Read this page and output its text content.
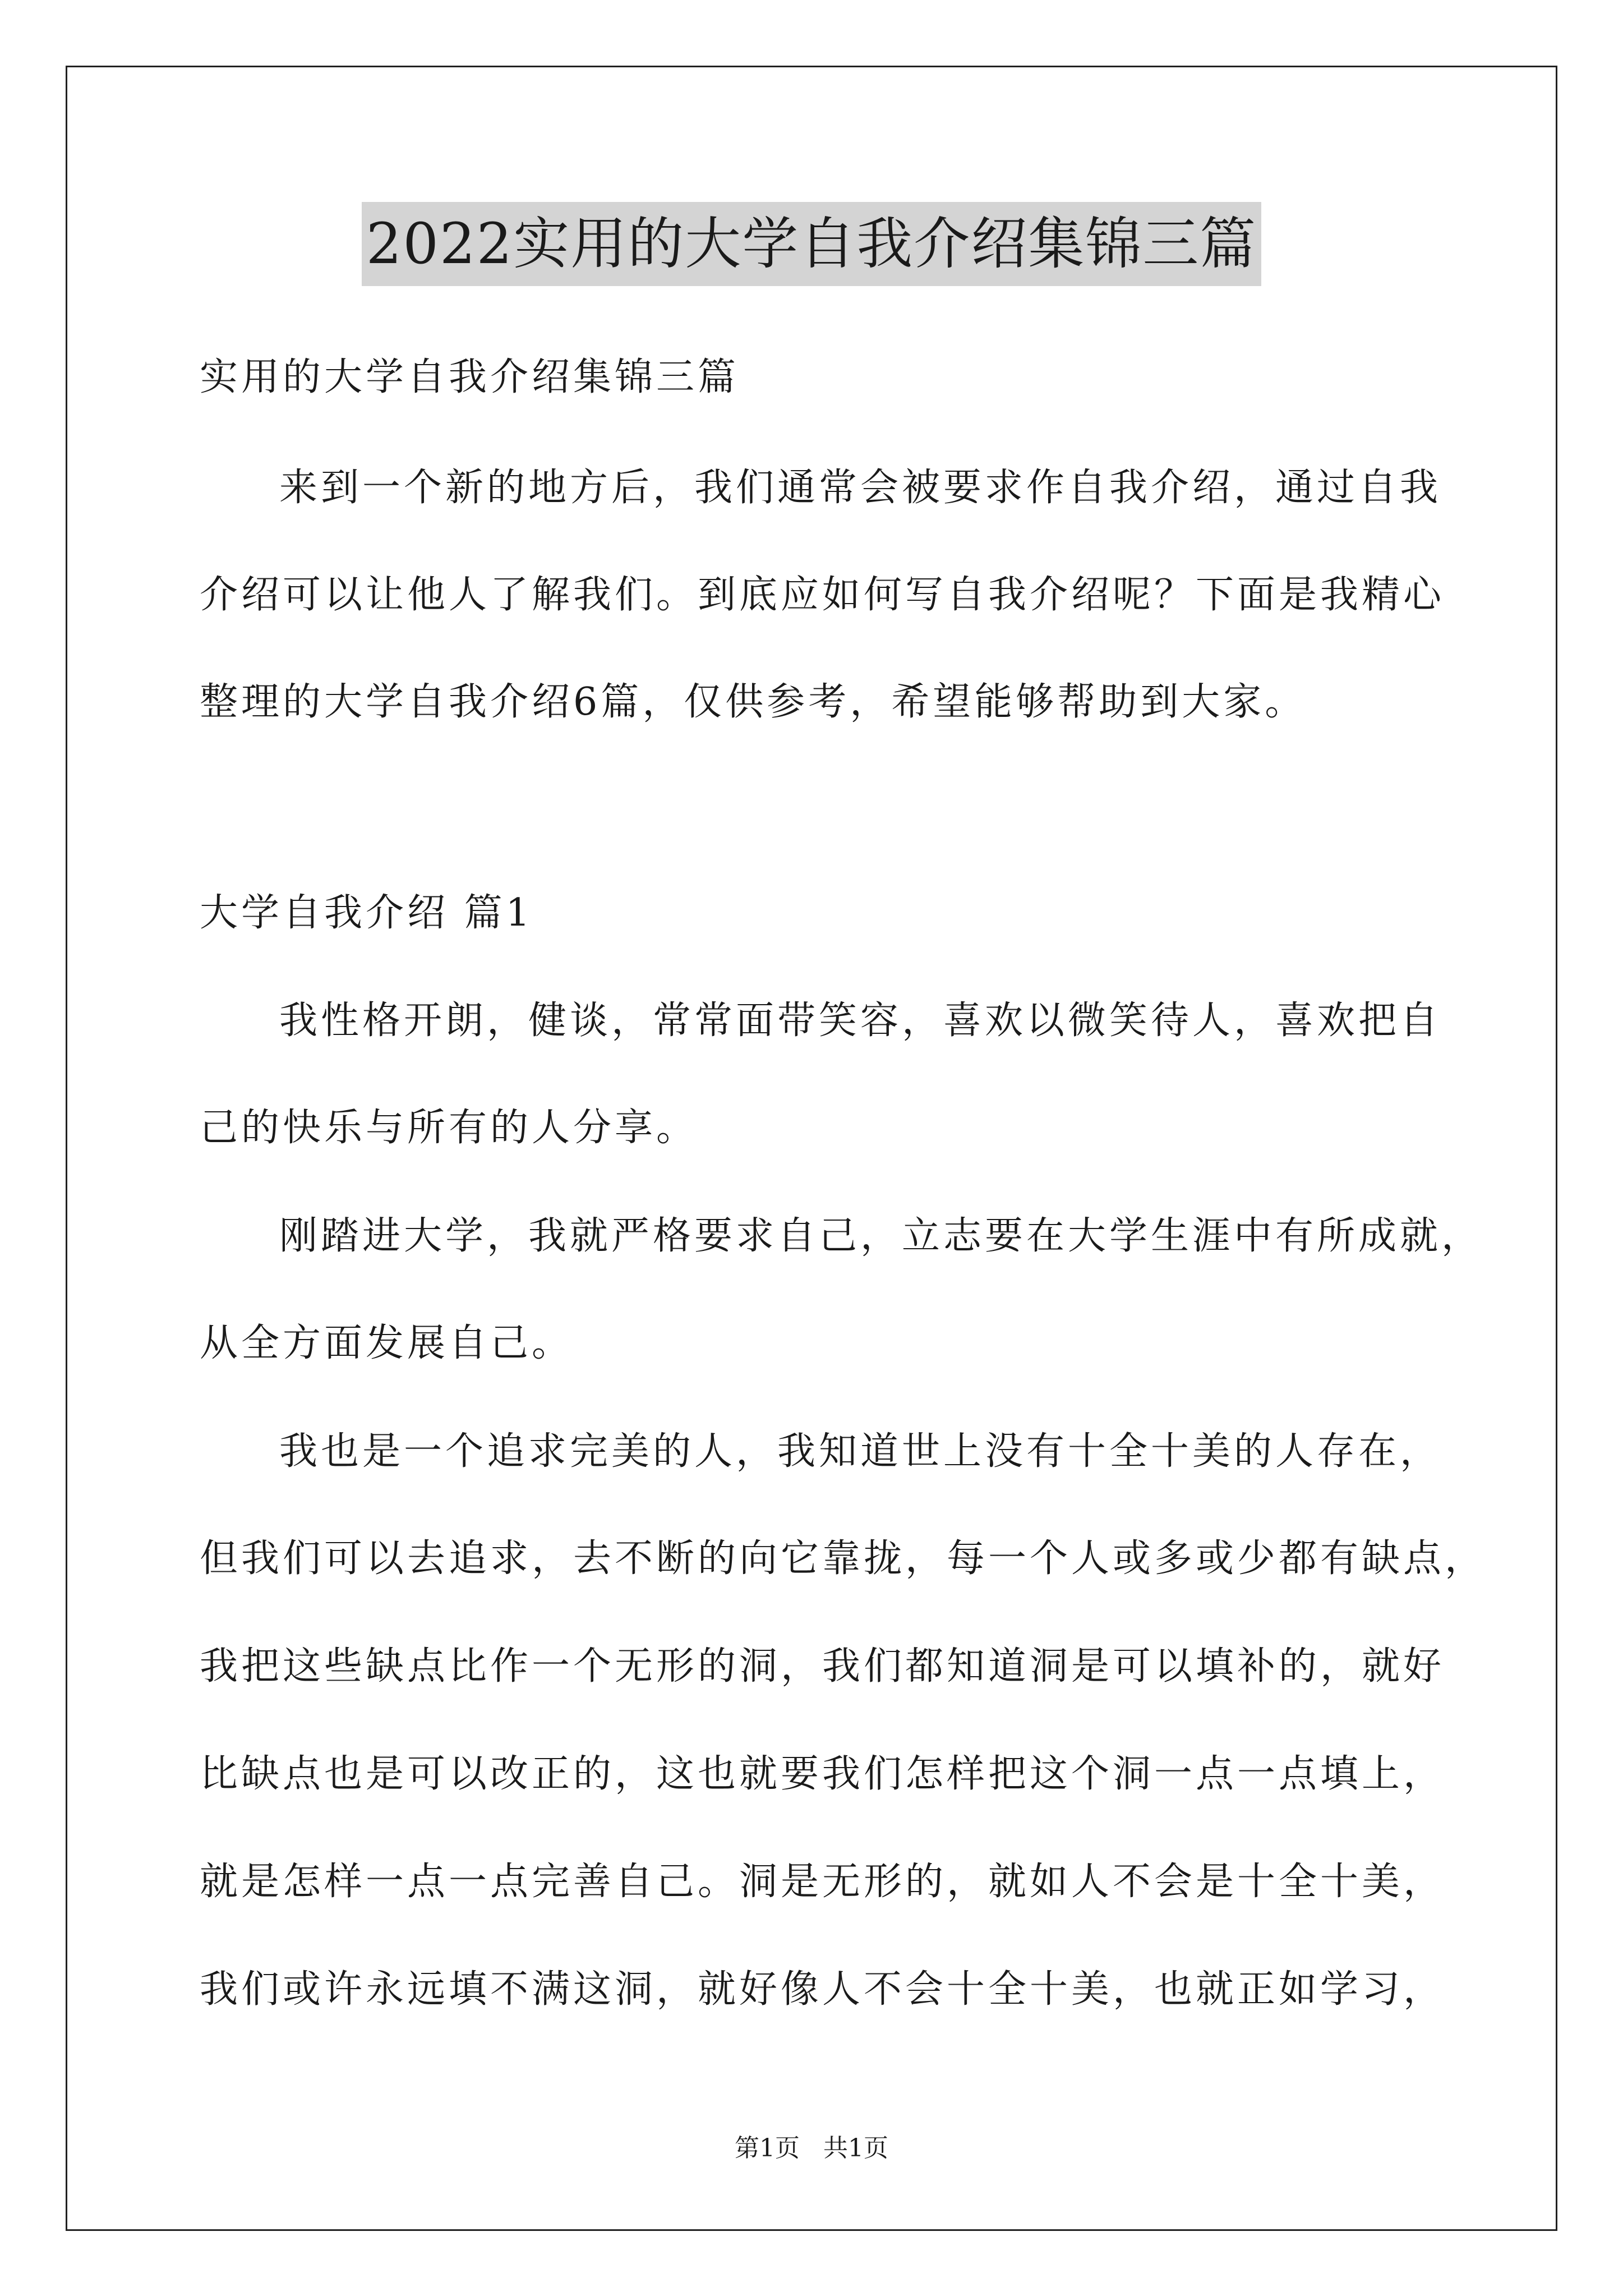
2022实用的大学自我介绍集锦三篇
实用的大学自我介绍集锦三篇
来到一个新的地方后，我们通常会被要求作自我介绍，通过自我
介绍可以让他人了解我们。到底应如何写自我介绍呢？下面是我精心
整理的大学自我介绍6篇，仅供参考，希望能够帮助到大家。
大学自我介绍 篇1
我性格开朗，健谈，常常面带笑容，喜欢以微笑待人，喜欢把自
己的快乐与所有的人分享。
刚踏进大学，我就严格要求自己，立志要在大学生涯中有所成就，
从全方面发展自己。
我也是一个追求完美的人，我知道世上没有十全十美的人存在，
但我们可以去追求，去不断的向它靠拢，每一个人或多或少都有缺点，
我把这些缺点比作一个无形的洞，我们都知道洞是可以填补的，就好
比缺点也是可以改正的，这也就要我们怎样把这个洞一点一点填上，
就是怎样一点一点完善自己。洞是无形的，就如人不会是十全十美，
我们或许永远填不满这洞，就好像人不会十全十美，也就正如学习，
第1页 共1页
